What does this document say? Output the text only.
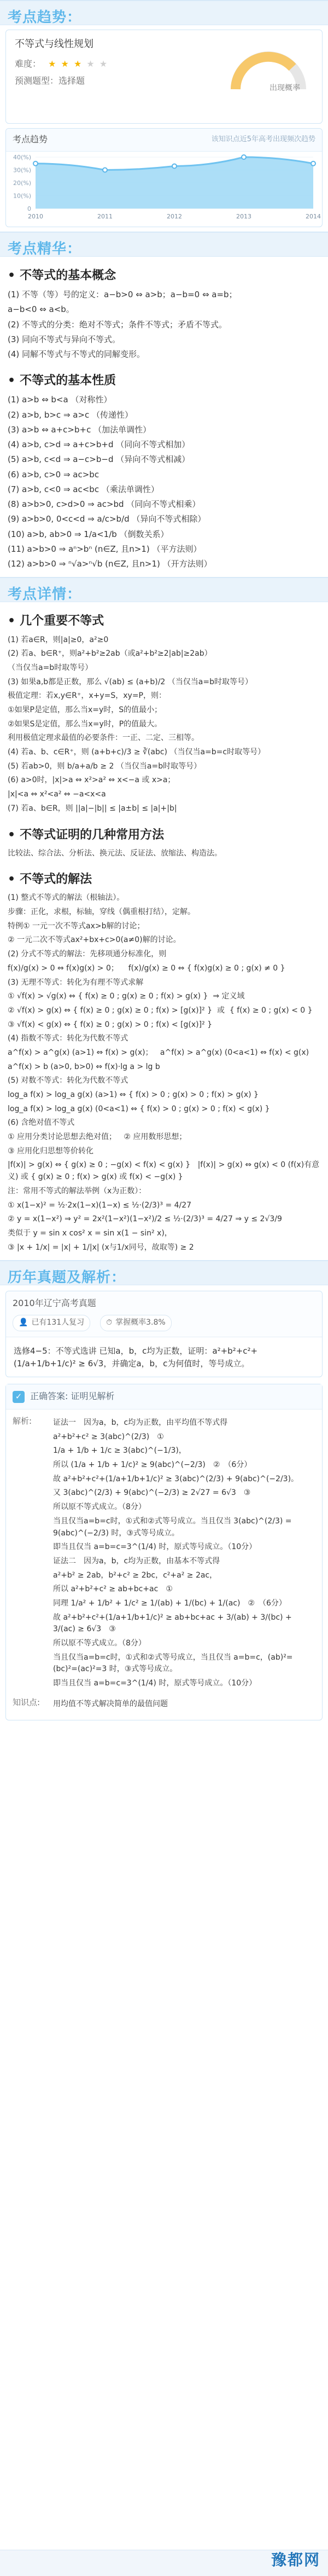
考点趋势：
不等式与线性规划
难度： ★ ★ ★ ★ ★
预测题型：选择题
出现概率
考点趋势	该知识点近5年高考出现频次趋势
0
10(%)
20(%)
30(%)
40(%)
2010	2011	2012	2013	2014
考点精华：
• 不等式的基本概念
(1) 不等（等）号的定义：a−b>0 ⇔ a>b；a−b=0 ⇔ a=b；
a−b<0 ⇔ a<b。
(2) 不等式的分类：绝对不等式；条件不等式；矛盾不等式。
(3) 同向不等式与异向不等式。
(4) 同解不等式与不等式的同解变形。
• 不等式的基本性质
(1) a>b ⇔ b<a （对称性）
(2) a>b, b>c ⇒ a>c （传递性）
(3) a>b ⇔ a+c>b+c （加法单调性）
(4) a>b, c>d ⇒ a+c>b+d （同向不等式相加）
(5) a>b, c<d ⇒ a−c>b−d （异向不等式相减）
(6) a>b, c>0 ⇒ ac>bc
(7) a>b, c<0 ⇒ ac<bc （乘法单调性）
(8) a>b>0, c>d>0 ⇒ ac>bd （同向不等式相乘）
(9) a>b>0, 0<c<d ⇒ a/c>b/d （异向不等式相除）
(10) a>b, ab>0 ⇒ 1/a<1/b （倒数关系）
(11) a>b>0 ⇒ aⁿ>bⁿ (n∈Z, 且n>1) （平方法则）
(12) a>b>0 ⇒ ⁿ√a>ⁿ√b (n∈Z, 且n>1) （开方法则）
考点详情：
• 几个重要不等式
(1) 若a∈R，则|a|≥0，a²≥0
(2) 若a、b∈R⁺，则a²+b²≥2ab（或a²+b²≥2|ab|≥2ab）
（当仅当a=b时取等号）
(3) 如果a,b都是正数，那么 √(ab) ≤ (a+b)/2 （当仅当a=b时取等号）
极值定理：若x,y∈R⁺，x+y=S，xy=P，则：
①如果P是定值，那么当x=y时，S的值最小；
②如果S是定值，那么当x=y时，P的值最大。
利用极值定理求最值的必要条件：一正、二定、三相等。
(4) 若a、b、c∈R⁺，则 (a+b+c)/3 ≥ ∛(abc) （当仅当a=b=c时取等号）
(5) 若ab>0，则 b/a+a/b ≥ 2 （当仅当a=b时取等号）
(6) a>0时，|x|>a ⇔ x²>a² ⇔ x<−a 或 x>a；
|x|<a ⇔ x²<a² ⇔ −a<x<a
(7) 若a、b∈R，则 ||a|−|b|| ≤ |a±b| ≤ |a|+|b|
• 不等式证明的几种常用方法
比较法、综合法、分析法、换元法、反证法、放缩法、构造法。
• 不等式的解法
(1) 整式不等式的解法（根轴法）。
步骤：正化，求根，标轴，穿线（偶重根打结），定解。
特例① 一元一次不等式ax>b解的讨论；
② 一元二次不等式ax²+bx+c>0(a≠0)解的讨论。
(2) 分式不等式的解法：先移项通分标准化，则
f(x)/g(x) > 0 ⇔ f(x)g(x) > 0；    f(x)/g(x) ≥ 0 ⇔ { f(x)g(x) ≥ 0 ; g(x) ≠ 0 }
(3) 无理不等式：转化为有理不等式求解
① √f(x) > √g(x) ⇔ { f(x) ≥ 0 ; g(x) ≥ 0 ; f(x) > g(x) }  ⇒ 定义域
② √f(x) > g(x) ⇔ { f(x) ≥ 0 ; g(x) ≥ 0 ; f(x) > [g(x)]² }  或  { f(x) ≥ 0 ; g(x) < 0 }
③ √f(x) < g(x) ⇔ { f(x) ≥ 0 ; g(x) > 0 ; f(x) < [g(x)]² }
(4) 指数不等式：转化为代数不等式
a^f(x) > a^g(x) (a>1) ⇔ f(x) > g(x)；   a^f(x) > a^g(x) (0<a<1) ⇔ f(x) < g(x)
a^f(x) > b (a>0, b>0) ⇔ f(x)·lg a > lg b
(5) 对数不等式：转化为代数不等式
log_a f(x) > log_a g(x) (a>1) ⇔ { f(x) > 0 ; g(x) > 0 ; f(x) > g(x) }
log_a f(x) > log_a g(x) (0<a<1) ⇔ { f(x) > 0 ; g(x) > 0 ; f(x) < g(x) }
(6) 含绝对值不等式
① 应用分类讨论思想去绝对值；   ② 应用数形思想；
③ 应用化归思想等价转化
|f(x)| > g(x) ⇔ { g(x) ≥ 0 ; −g(x) < f(x) < g(x) }   |f(x)| > g(x) ⇔ g(x) < 0 (f(x)有意义) 或 { g(x) ≥ 0 ; f(x) > g(x) 或 f(x) < −g(x) }
注：常用不等式的解法举例（x为正数）：
① x(1−x)² = ½·2x(1−x)(1−x) ≤ ½·(2/3)³ = 4/27
② y = x(1−x²) ⇒ y² = 2x²(1−x²)(1−x²)/2 ≤ ½·(2/3)³ = 4/27 ⇒ y ≤ 2√3/9
类似于 y = sin x cos² x = sin x(1 − sin² x)，
③ |x + 1/x| = |x| + 1/|x| (x与1/x同号，故取等) ≥ 2
历年真题及解析：
2010年辽宁高考真题
👤 已有131人复习	⏱ 掌握概率3.8%
选修4−5：不等式选讲 已知a，b，c均为正数，证明：a²+b²+c²+(1/a+1/b+1/c)² ≥ 6√3，并确定a，b，c为何值时，等号成立。
✓ 正确答案: 证明见解析
解析:	证法一　因为a，b，c均为正数，由平均值不等式得
a²+b²+c² ≥ 3(abc)^(2/3)　①
1/a + 1/b + 1/c ≥ 3(abc)^(−1/3)，
所以 (1/a + 1/b + 1/c)² ≥ 9(abc)^(−2/3)　②　（6分）
故 a²+b²+c²+(1/a+1/b+1/c)² ≥ 3(abc)^(2/3) + 9(abc)^(−2/3)。
又 3(abc)^(2/3) + 9(abc)^(−2/3) ≥ 2√27 = 6√3　③
所以原不等式成立。（8分）
当且仅当a=b=c时，①式和②式等号成立。当且仅当 3(abc)^(2/3) = 9(abc)^(−2/3) 时，③式等号成立。
即当且仅当 a=b=c=3^(1/4) 时，原式等号成立。（10分）
证法二　因为a，b，c均为正数，由基本不等式得
a²+b² ≥ 2ab，b²+c² ≥ 2bc，c²+a² ≥ 2ac，
所以 a²+b²+c² ≥ ab+bc+ac　①
同理 1/a² + 1/b² + 1/c² ≥ 1/(ab) + 1/(bc) + 1/(ac)　②　（6分）
故 a²+b²+c²+(1/a+1/b+1/c)² ≥ ab+bc+ac + 3/(ab) + 3/(bc) + 3/(ac) ≥ 6√3　③
所以原不等式成立。（8分）
当且仅当a=b=c时，①式和②式等号成立，当且仅当 a=b=c，(ab)²=(bc)²=(ac)²=3 时，③式等号成立。
即当且仅当 a=b=c=3^(1/4) 时，原式等号成立。（10分）
知识点:	用均值不等式解决简单的最值问题
豫都网
